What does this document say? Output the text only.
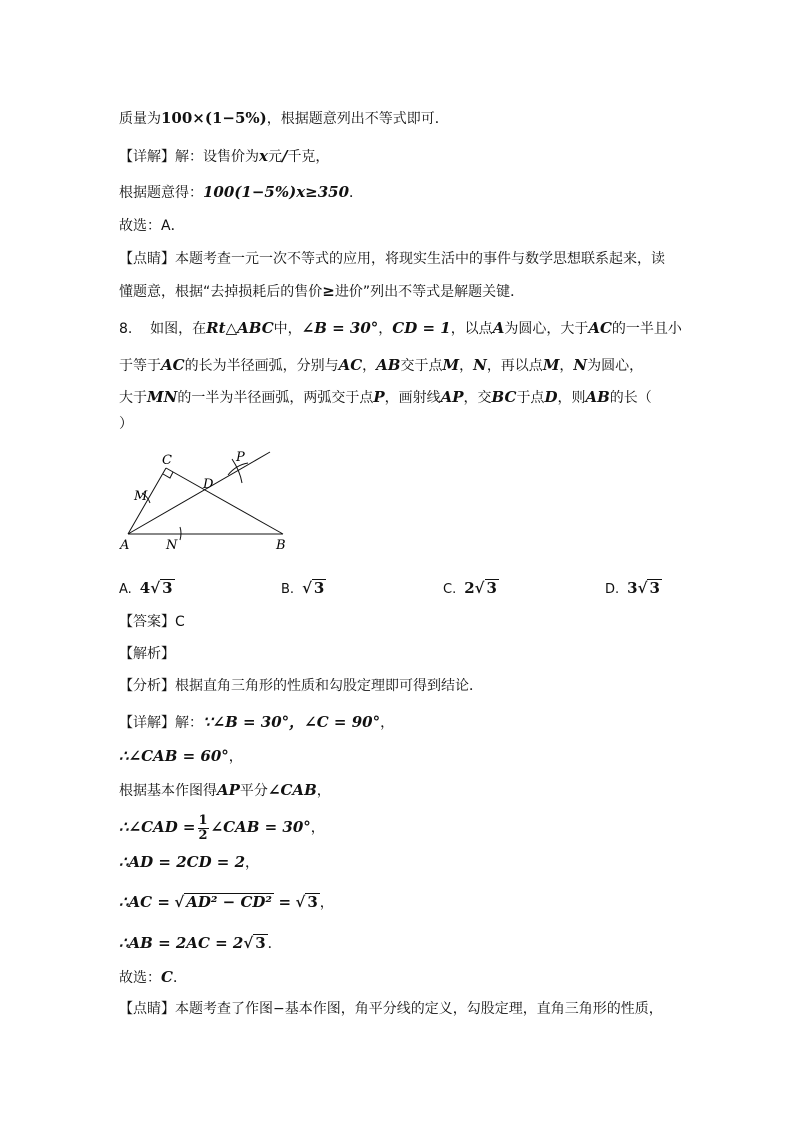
质量为100×(1−5%)，根据题意列出不等式即可．
【详解】解：设售价为x元/千克，
根据题意得：100(1−5%)x≥350．
故选：A．
【点睛】本题考查一元一次不等式的应用，将现实生活中的事件与数学思想联系起来，读
懂题意，根据“去掉损耗后的售价≥进价”列出不等式是解题关键．
8. 如图，在Rt△ABC中，∠B = 30°，CD = 1，以点A为圆心，大于AC的一半且小
于等于AC的长为半径画弧，分别与AC，AB交于点M，N，再以点M，N为圆心，
大于MN的一半为半径画弧，两弧交于点P，画射线AP，交BC于点D，则AB的长（
）
C	P
M
D
A	N	B
A. 4√ 3	B. √ 3	C. 2√ 3	D. 3√ 3
【答案】C
【解析】
【分析】根据直角三角形的性质和勾股定理即可得到结论．
【详解】解：∵∠B = 30°，∠C = 90°，
∴∠CAB = 60°，
根据基本作图得AP平分∠CAB，
∴∠CAD = $\frac{1}{2}$ ∠CAB = 30°，
∴AD = 2CD = 2，
∴AC = √ AD² − CD² = √ 3 ，
∴AB = 2AC = 2√ 3 ．
故选：C．
【点睛】本题考查了作图−基本作图，角平分线的定义，勾股定理，直角三角形的性质，
